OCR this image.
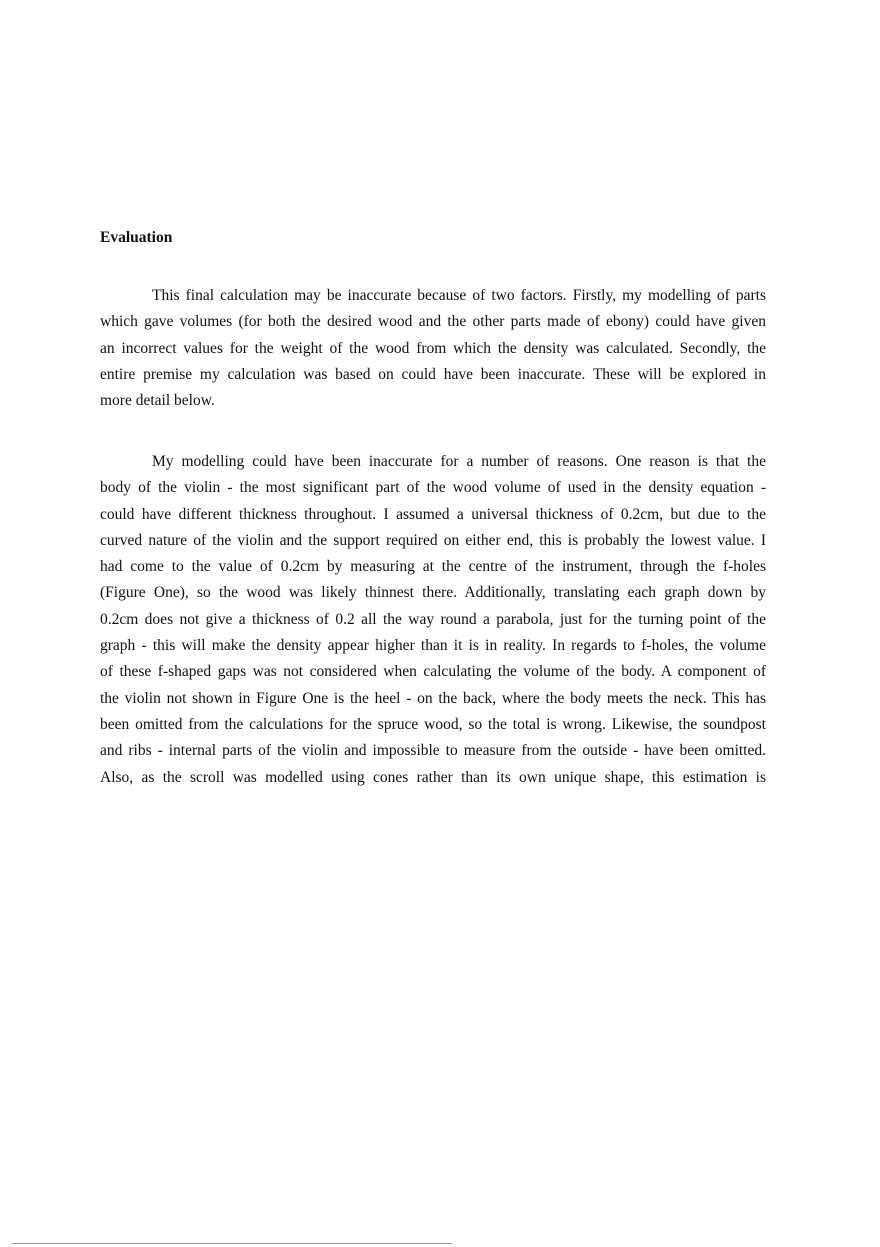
Evaluation
This final calculation may be inaccurate because of two factors. Firstly, my modelling of parts
which gave volumes (for both the desired wood and the other parts made of ebony) could have given
an incorrect values for the weight of the wood from which the density was calculated. Secondly, the
entire premise my calculation was based on could have been inaccurate. These will be explored in
more detail below.
My modelling could have been inaccurate for a number of reasons. One reason is that the
body of the violin - the most significant part of the wood volume of used in the density equation -
could have different thickness throughout. I assumed a universal thickness of 0.2cm, but due to the
curved nature of the violin and the support required on either end, this is probably the lowest value. I
had come to the value of 0.2cm by measuring at the centre of the instrument, through the f-holes
(Figure One), so the wood was likely thinnest there. Additionally, translating each graph down by
0.2cm does not give a thickness of 0.2 all the way round a parabola, just for the turning point of the
graph - this will make the density appear higher than it is in reality. In regards to f-holes, the volume
of these f-shaped gaps was not considered when calculating the volume of the body. A component of
the violin not shown in Figure One is the heel - on the back, where the body meets the neck. This has
been omitted from the calculations for the spruce wood, so the total is wrong. Likewise, the soundpost
and ribs - internal parts of the violin and impossible to measure from the outside - have been omitted.
Also, as the scroll was modelled using cones rather than its own unique shape, this estimation is
